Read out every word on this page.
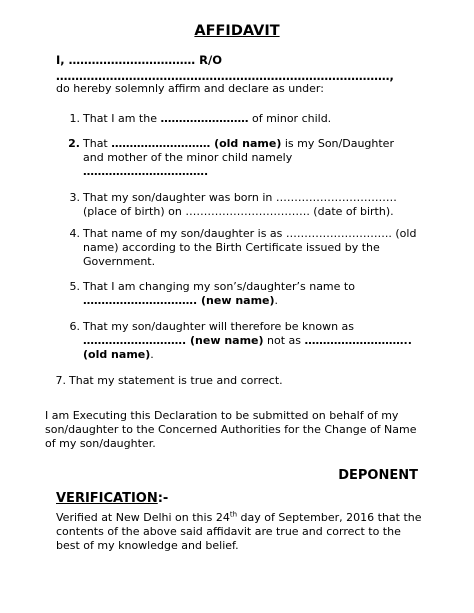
AFFIDAVIT
I, …………………………… R/O
……………………………………………………………………………,
do hereby solemnly affirm and declare as under:
1. That I am the …………………… of minor child.
2. That ……………………… (old name) is my Son/Daughter and mother of the minor child namely …………………………….
3. That my son/daughter was born in …………………………… (place of birth) on ……………………………. (date of birth).
4. That name of my son/daughter is as ……………………….. (old name) according to the Birth Certificate issued by the Government.
5. That I am changing my son’s/daughter’s name to …………………………. (new name).
6. That my son/daughter will therefore be known as ………………………. (new name) not as ……………………….. (old name).
7. That my statement is true and correct.
I am Executing this Declaration to be submitted on behalf of my son/daughter to the Concerned Authorities for the Change of Name of my son/daughter.
DEPONENT
VERIFICATION:-
Verified at New Delhi on this 24th day of September, 2016 that the contents of the above said affidavit are true and correct to the best of my knowledge and belief.
